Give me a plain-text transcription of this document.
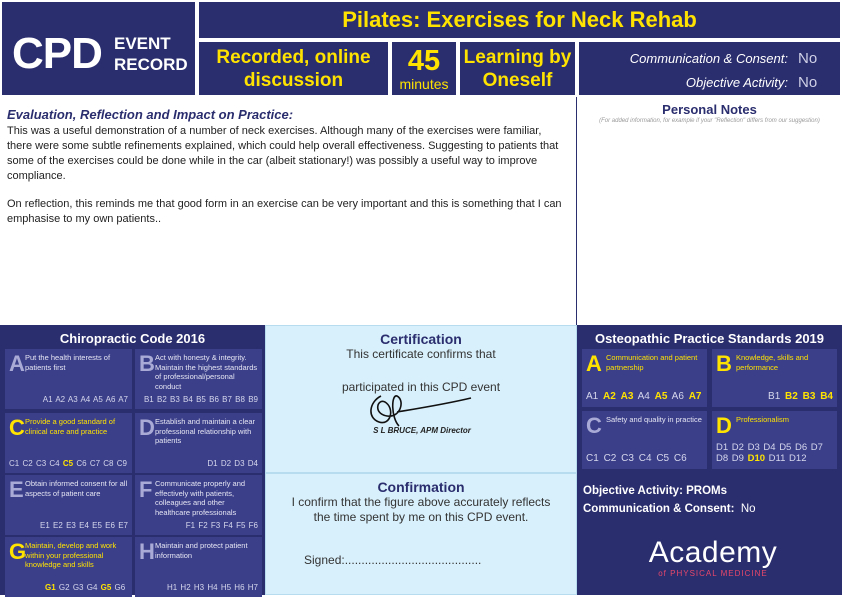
CPD EVENT
RECORD
Pilates: Exercises for Neck Rehab
Recorded, online discussion
45
minutes
Learning by Oneself
Communication & Consent: No
Objective Activity: No
Evaluation, Reflection and Impact on Practice:

This was a useful demonstration of a number of neck exercises. Although many of the exercises were familiar, there were some subtle refinements explained, which could help overall effectiveness. Suggesting to patients that some of the exercises could be done while in the car (albeit stationary!) was possibly a useful way to improve compliance.

On reflection, this reminds me that good form in an exercise can be very important and this is something that I can emphasise to my own patients..

Personal Notes
(For added information, for example if your "Reflection" differs from our suggestion)
Chiropractic Code 2016
A Put the health interests of patients first
A1 A2 A3 A4 A5 A6 A7
B Act with honesty & integrity. Maintain the highest standards of professional/personal conduct
B1 B2 B3 B4 B5 B6 B7 B8 B9
C Provide a good standard of clinical care and practice
C1 C2 C3 C4 C5 C6 C7 C8 C9
D Establish and maintain a clear professional relationship with patients
D1 D2 D3 D4
E Obtain informed consent for all aspects of patient care
E1 E2 E3 E4 E5 E6 E7
F Communicate properly and effectively with patients, colleagues and other healthcare professionals
F1 F2 F3 F4 F5 F6
G
Maintain, develop and work within your professional knowledge and skills
G1 G2 G3 G4 G5 G6
H Maintain and protect patient information
H1 H2 H3 H4 H5 H6 H7
Certification
This certificate confirms that
participated in this CPD event
S L BRUCE, APM Director
Confirmation
I confirm that the figure above accurately reflects the time spent by me on this CPD event.
Signed:.........................................
Osteopathic Practice Standards 2019
A Communication and patient partnership
A1 A2 A3 A4 A5 A6 A7
B Knowledge, skills and performance
B1 B2 B3 B4
C Safety and quality in practice
C1 C2 C3 C4 C5 C6
D Professionalism
D1 D2 D3 D4 D5 D6 D7 D8 D9 D10 D11 D12
Objective Activity: PROMs
Communication & Consent: No
Academy
of PHYSICAL MEDICINE
